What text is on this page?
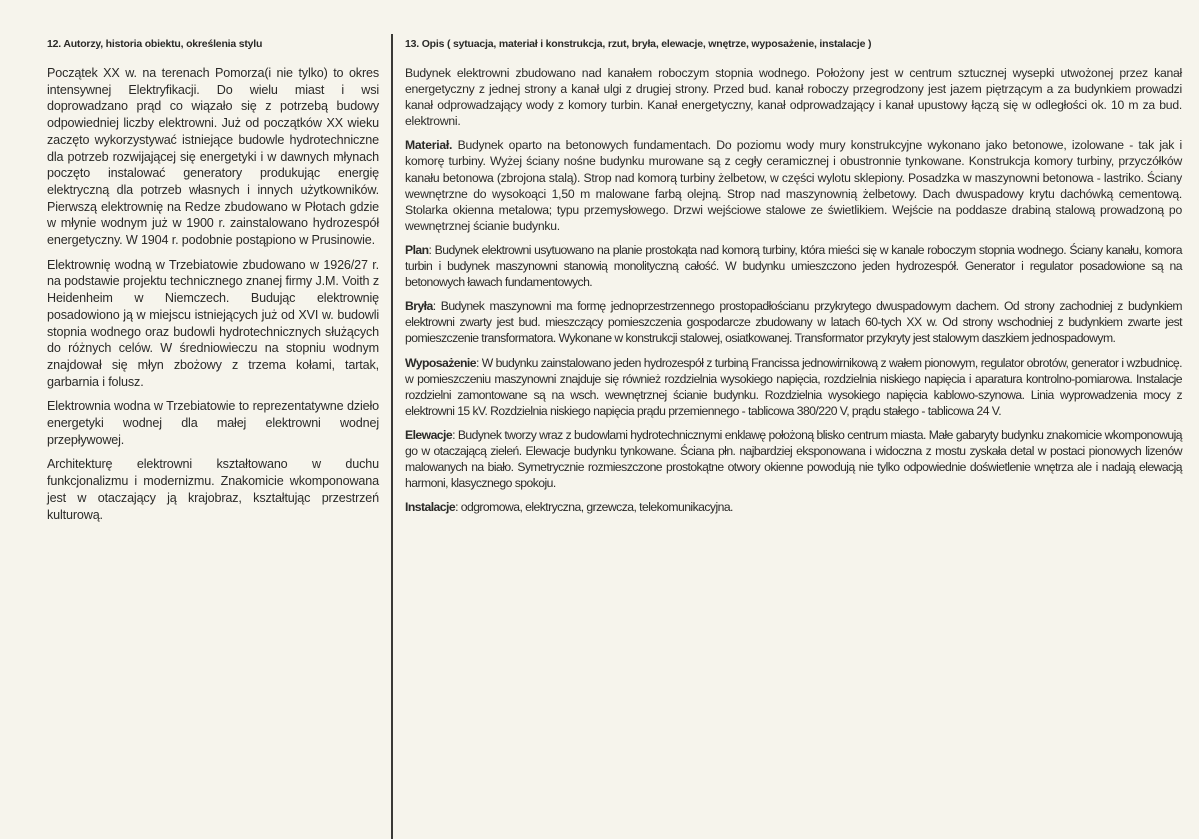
12. Autorzy, historia obiektu, określenia stylu

Początek XX w. na terenach Pomorza(i nie tylko) to okres intensywnej Elektryfikacji. Do wielu miast i wsi doprowadzano prąd co wiązało się z potrzebą budowy odpowiedniej liczby elektrowni. Już od początków XX wieku zaczęto wykorzystywać istniejące budowle hydrotechniczne dla potrzeb rozwijającej się energetyki i w dawnych młynach poczęto instalować generatory produkując energię elektryczną dla potrzeb własnych i innych użytkowników. Pierwszą elektrownię na Redze zbudowano w Płotach gdzie w młynie wodnym już w 1900 r. zainstalowano hydrozespół energetyczny. W 1904 r. podobnie postąpiono w Prusinowie.

Elektrownię wodną w Trzebiatowie zbudowano w 1926/27 r. na podstawie projektu technicznego znanej firmy J.M. Voith z Heidenheim w Niemczech. Budując elektrownię posadowiono ją w miejscu istniejących już od XVI w. budowli stopnia wodnego oraz budowli hydrotechnicznych służących do różnych celów. W średniowieczu na stopniu wodnym znajdował się młyn zbożowy z trzema kołami, tartak, garbarnia i folusz.

Elektrownia wodna w Trzebiatowie to reprezentatywne dzieło energetyki wodnej dla małej elektrowni wodnej przepływowej.

Architekturę elektrowni kształtowano w duchu funkcjonalizmu i modernizmu. Znakomicie wkomponowana jest w otaczający ją krajobraz, kształtując przestrzeń kulturową.

13. Opis ( sytuacja, materiał i konstrukcja, rzut, bryła, elewacje, wnętrze, wyposażenie, instalacje )

Budynek elektrowni zbudowano nad kanałem roboczym stopnia wodnego. Położony jest w centrum sztucznej wysepki utwożonej przez kanał energetyczny z jednej strony a kanał ulgi z drugiej strony. Przed bud. kanał roboczy przegrodzony jest jazem piętrzącym a za budynkiem prowadzi kanał odprowadzający wody z komory turbin. Kanał energetyczny, kanał odprowadzający i kanał upustowy łączą się w odległości ok. 10 m za bud. elektrowni.

Materiał. Budynek oparto na betonowych fundamentach. Do poziomu wody mury konstrukcyjne wykonano jako betonowe, izolowane - tak jak i komorę turbiny. Wyżej ściany nośne budynku murowane są z cegły ceramicznej i obustronnie tynkowane. Konstrukcja komory turbiny, przyczółków kanału betonowa (zbrojona stalą). Strop nad komorą turbiny żelbetow, w części wylotu sklepiony. Posadzka w maszynowni betonowa - lastriko. Ściany wewnętrzne do wysokoąci 1,50 m malowane farbą olejną. Strop nad maszynownią żelbetowy. Dach dwuspadowy krytu dachówką cementową. Stolarka okienna metalowa; typu przemysłowego. Drzwi wejściowe stalowe ze świetlikiem. Wejście na poddasze drabiną stalową prowadzoną po wewnętrznej ścianie budynku.

Plan: Budynek elektrowni usytuowano na planie prostokąta nad komorą turbiny, która mieści się w kanale roboczym stopnia wodnego. Ściany kanału, komora turbin i budynek maszynowni stanowią monolityczną całość. W budynku umieszczono jeden hydrozespół. Generator i regulator posadowione są na betonowych ławach fundamentowych.

Bryła: Budynek maszynowni ma formę jednoprzestrzennego prostopadłościanu przykrytego dwuspadowym dachem. Od strony zachodniej z budynkiem elektrowni zwarty jest bud. mieszczący pomieszczenia gospodarcze zbudowany w latach 60-tych XX w. Od strony wschodniej z budynkiem zwarte jest pomieszczenie transformatora. Wykonane w konstrukcji stalowej, osiatkowanej. Transformator przykryty jest stalowym daszkiem jednospadowym.

Wyposażenie: W budynku zainstalowano jeden hydrozespół z turbiną Francissa jednowirnikową z wałem pionowym, regulator obrotów, generator i wzbudnicę. w pomieszczeniu maszynowni znajduje się również rozdzielnia wysokiego napięcia, rozdzielnia niskiego napięcia i aparatura kontrolno-pomiarowa. Instalacje rozdzielni zamontowane są na wsch. wewnętrznej ścianie budynku. Rozdzielnia wysokiego napięcia kablowo-szynowa. Linia wyprowadzenia mocy z elektrowni 15 kV. Rozdzielnia niskiego napięcia prądu przemiennego - tablicowa 380/220 V, prądu stałego - tablicowa 24 V.

Elewacje: Budynek tworzy wraz z budowlami hydrotechnicznymi enklawę położoną blisko centrum miasta. Małe gabaryty budynku znakomicie wkomponowują go w otaczającą zieleń. Elewacje budynku tynkowane. Ściana płn. najbardziej eksponowana i widoczna z mostu zyskała detal w postaci pionowych lizenów malowanych na biało. Symetrycznie rozmieszczone prostokątne otwory okienne powodują nie tylko odpowiednie doświetlenie wnętrza ale i nadają elewacją harmoni, klasycznego spokoju.

Instalacje: odgromowa, elektryczna, grzewcza, telekomunikacyjna.
